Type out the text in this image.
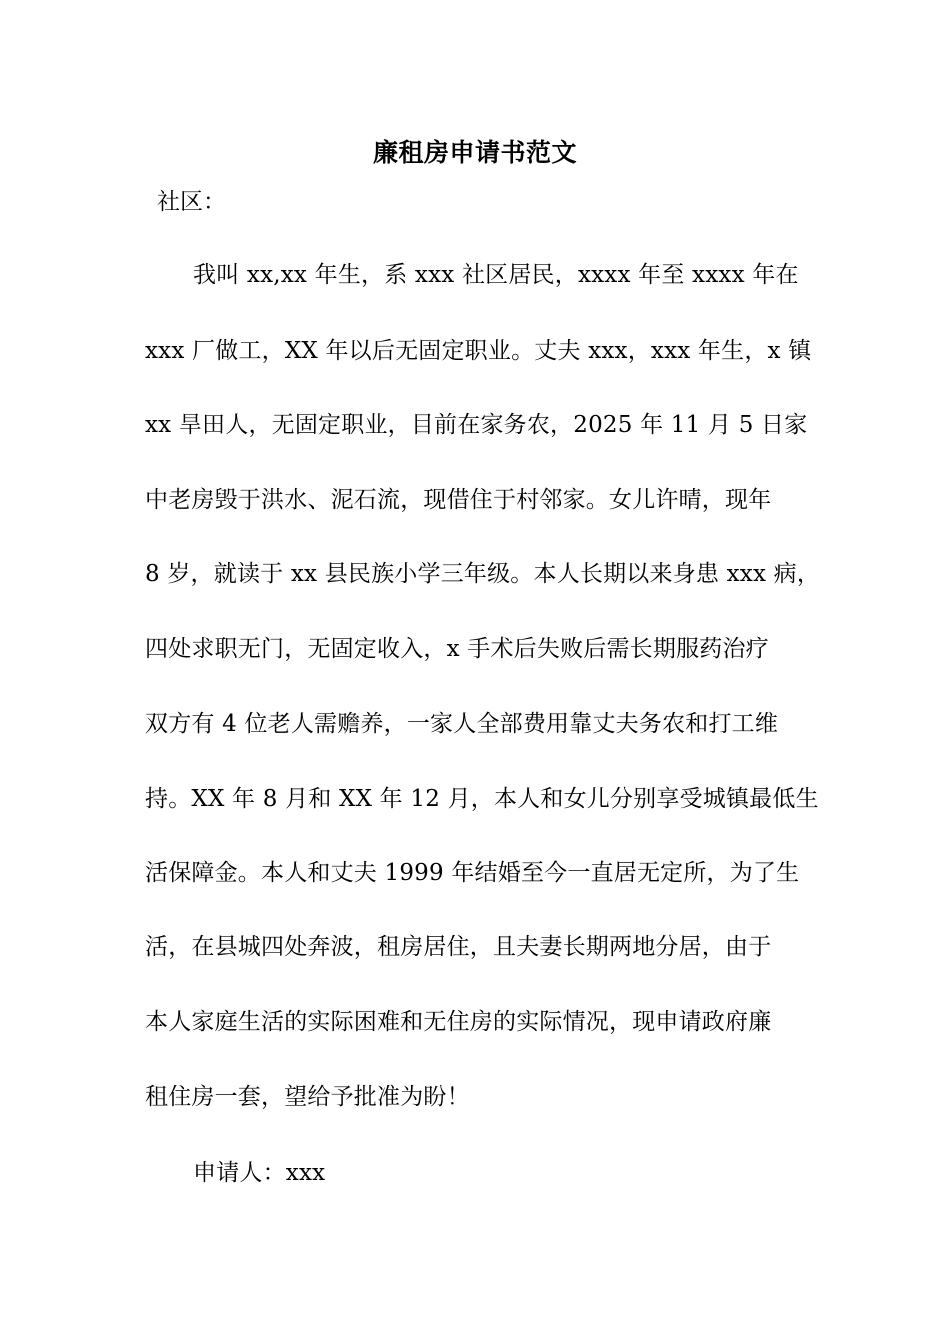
廉租房申请书范文
社区：
我叫 xx,xx 年生，系 xxx 社区居民，xxxx 年至 xxxx 年在
xxx 厂做工，XX 年以后无固定职业。丈夫 xxx，xxx 年生，x 镇
xx 旱田人，无固定职业，目前在家务农，2025 年 11 月 5 日家
中老房毁于洪水、泥石流，现借住于村邻家。女儿许晴，现年
8 岁，就读于 xx 县民族小学三年级。本人长期以来身患 xxx 病，
四处求职无门，无固定收入，x 手术后失败后需长期服药治疗
双方有 4 位老人需赡养，一家人全部费用靠丈夫务农和打工维
持。XX 年 8 月和 XX 年 12 月，本人和女儿分别享受城镇最低生
活保障金。本人和丈夫 1999 年结婚至今一直居无定所，为了生
活，在县城四处奔波，租房居住，且夫妻长期两地分居，由于
本人家庭生活的实际困难和无住房的实际情况，现申请政府廉
租住房一套，望给予批准为盼！
申请人：xxx
